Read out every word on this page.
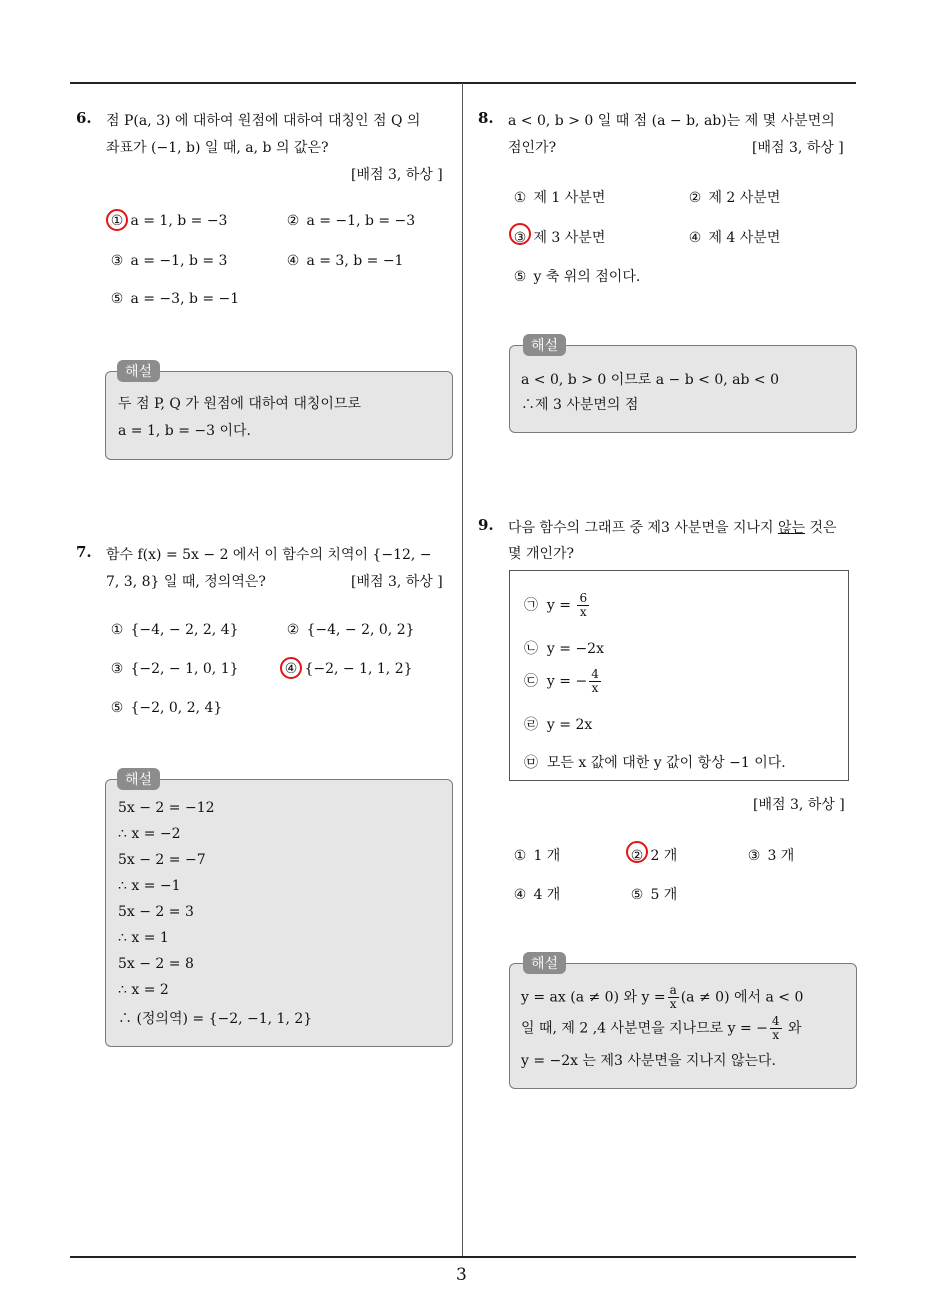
3
6. 점 P(a, 3) 에 대하여 원점에 대하여 대칭인 점 Q 의
좌표가 (−1, b) 일 때, a, b 의 값은?
[배점 3, 하상 ]
① a = 1, b = −3	② a = −1, b = −3
③ a = −1, b = 3	④ a = 3, b = −1
⑤ a = −3, b = −1
해설
두 점 P, Q 가 원점에 대하여 대칭이므로
a = 1, b = −3 이다.
7. 함수 f(x) = 5x − 2 에서 이 함수의 치역이 {−12, −
7, 3, 8} 일 때, 정의역은?	[배점 3, 하상 ]
① {−4, − 2, 2, 4}	② {−4, − 2, 0, 2}
③ {−2, − 1, 0, 1}	④ {−2, − 1, 1, 2}
⑤ {−2, 0, 2, 4}
해설
5x − 2 = −12
∴ x = −2
5x − 2 = −7
∴ x = −1
5x − 2 = 3
∴ x = 1
5x − 2 = 8
∴ x = 2
∴ (정의역) = {−2, −1, 1, 2}
8. a < 0, b > 0 일 때 점 (a − b, ab)는 제 몇 사분면의
점인가?	[배점 3, 하상 ]
① 제 1 사분면	② 제 2 사분면
③ 제 3 사분면	④ 제 4 사분면
⑤ y 축 위의 점이다.
해설
a < 0, b > 0 이므로 a − b < 0, ab < 0
∴제 3 사분면의 점
9. 다음 함수의 그래프 중 제3 사분면을 지나지 않는 것은
몇 개인가?
㉠ $y = \frac{6}{x}$
㉡ y = −2x
㉢ y = − $\frac{4}{x}$
㉣ y = 2x
㉤ 모든 x 값에 대한 y 값이 항상 −1 이다.
[배점 3, 하상 ]
① 1 개	② 2 개	③ 3 개
④ 4 개	⑤ 5 개
해설
y = ax (a ≠ 0) 와 $y = \frac{a}{x} (a \ne 0)$ 에서 a < 0
일 때, 제 2 ,4 사분면을 지나므로 y = − $\frac{4}{x}$ 와
y = −2x 는 제3 사분면을 지나지 않는다.
